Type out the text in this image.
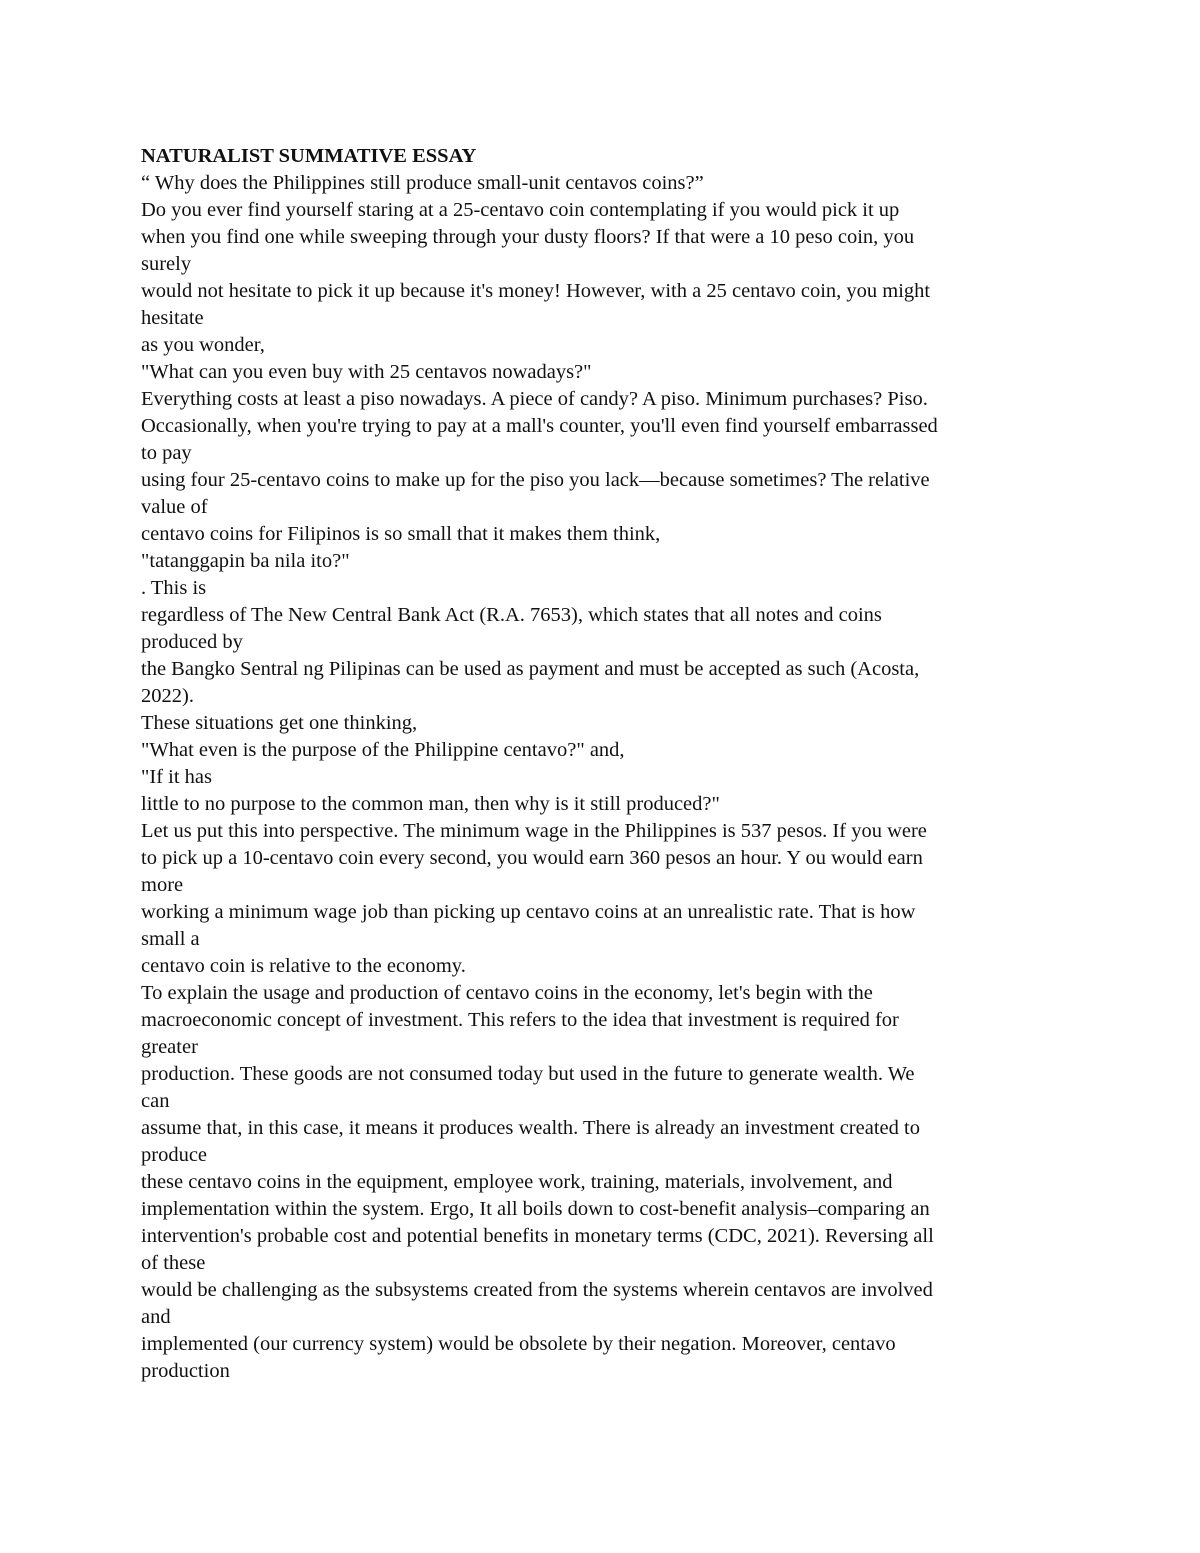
NATURALIST SUMMATIVE ESSAY
“ Why does the Philippines still produce small-unit centavos coins?”
Do you ever find yourself staring at a 25-centavo coin contemplating if you would pick it up
when you find one while sweeping through your dusty floors? If that were a 10 peso coin, you
surely
would not hesitate to pick it up because it's money! However, with a 25 centavo coin, you might
hesitate
as you wonder,
"What can you even buy with 25 centavos nowadays?"
Everything costs at least a piso nowadays. A piece of candy? A piso. Minimum purchases? Piso.
Occasionally, when you're trying to pay at a mall's counter, you'll even find yourself embarrassed
to pay
using four 25-centavo coins to make up for the piso you lack—because sometimes? The relative
value of
centavo coins for Filipinos is so small that it makes them think,
"tatanggapin ba nila ito?"
. This is
regardless of The New Central Bank Act (R.A. 7653), which states that all notes and coins
produced by
the Bangko Sentral ng Pilipinas can be used as payment and must be accepted as such (Acosta,
2022).
These situations get one thinking,
"What even is the purpose of the Philippine centavo?" and,
"If it has
little to no purpose to the common man, then why is it still produced?"
Let us put this into perspective. The minimum wage in the Philippines is 537 pesos. If you were
to pick up a 10-centavo coin every second, you would earn 360 pesos an hour. Y ou would earn
more
working a minimum wage job than picking up centavo coins at an unrealistic rate. That is how
small a
centavo coin is relative to the economy.
To explain the usage and production of centavo coins in the economy, let's begin with the
macroeconomic concept of investment. This refers to the idea that investment is required for
greater
production. These goods are not consumed today but used in the future to generate wealth. We
can
assume that, in this case, it means it produces wealth. There is already an investment created to
produce
these centavo coins in the equipment, employee work, training, materials, involvement, and
implementation within the system. Ergo, It all boils down to cost-benefit analysis–comparing an
intervention's probable cost and potential benefits in monetary terms (CDC, 2021). Reversing all
of these
would be challenging as the subsystems created from the systems wherein centavos are involved
and
implemented (our currency system) would be obsolete by their negation. Moreover, centavo
production
